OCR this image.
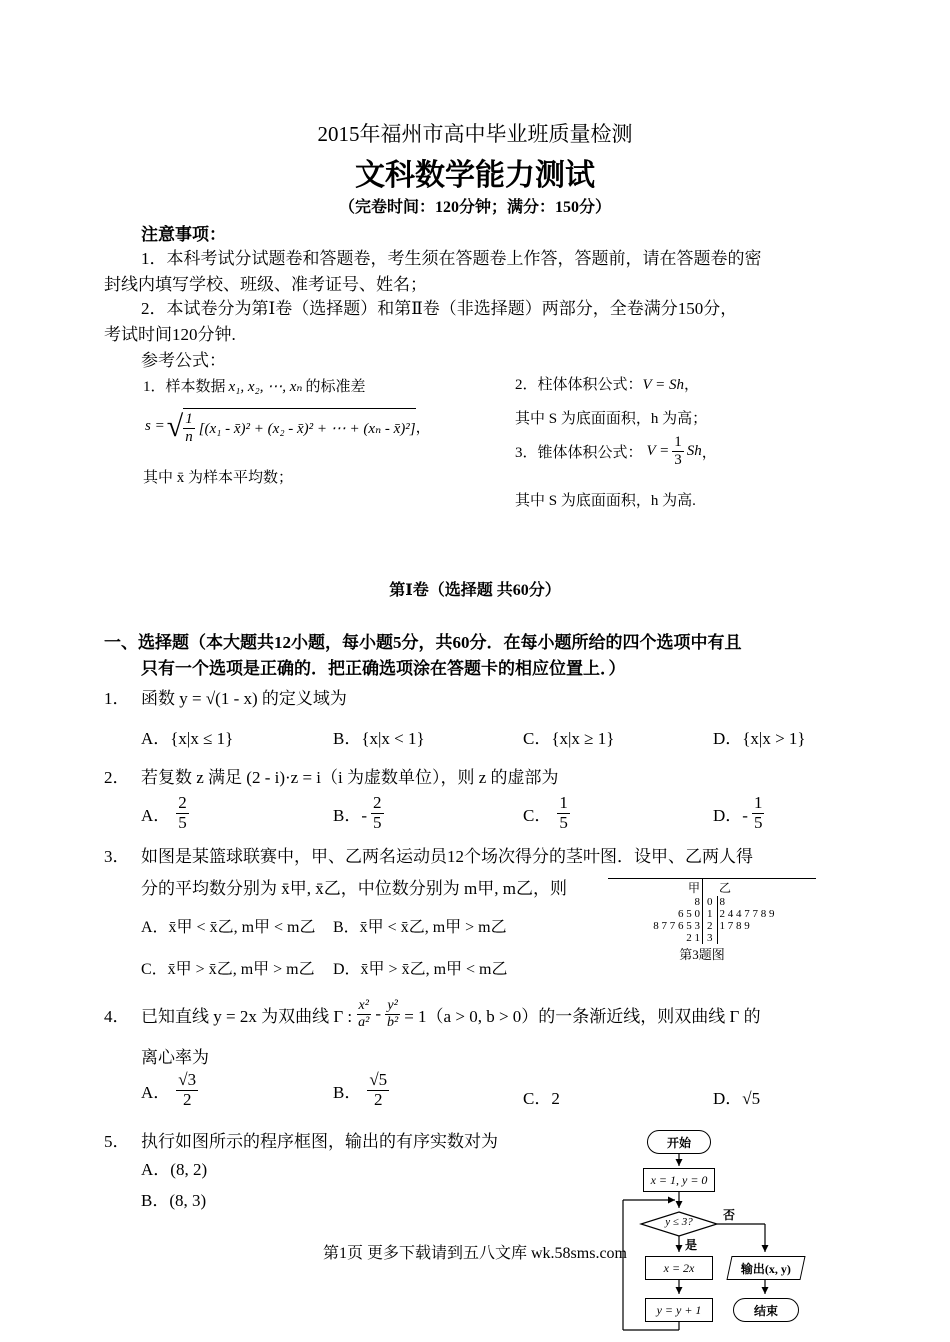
2015年福州市高中毕业班质量检测
文科数学能力测试
（完卷时间：120分钟；满分：150分）
注意事项：
1．本科考试分试题卷和答题卷，考生须在答题卷上作答，答题前，请在答题卷的密
封线内填写学校、班级、准考证号、姓名；
2．本试卷分为第Ⅰ卷（选择题）和第Ⅱ卷（非选择题）两部分，全卷满分150分，
考试时间120分钟.
参考公式：
1．样本数据 x₁, x₂, ⋯, xₙ 的标准差
s = √ $\frac{1}{n} [(x_1$ - x̄)² + (x₂ - x̄)² + ⋯ + (xₙ - x̄)²] ，
其中 x̄ 为样本平均数；
2．柱体体积公式：V = Sh，
其中 S 为底面面积，h 为高；
3．锥体体积公式： $V = \frac{1}{3}$ Sh ，
其中 S 为底面面积，h 为高.
第Ⅰ卷（选择题 共60分）
一、选择题（本大题共12小题，每小题5分，共60分．在每小题所给的四个选项中有且
只有一个选项是正确的．把正确选项涂在答题卡的相应位置上．）
1． 函数 y = √(1 - x) 的定义域为
A．{x|x ≤ 1}	B．{x|x < 1}	C．{x|x ≥ 1}	D．{x|x > 1}
2． 若复数 z 满足 (2 - i)·z = i（i 为虚数单位），则 z 的虚部为
A． $\frac{2}{5}$	B．- $\frac{2}{5}$	C． $\frac{1}{5}$	D．- $\frac{1}{5}$
3． 如图是某篮球联赛中，甲、乙两名运动员12个场次得分的茎叶图．设甲、乙两人得
分的平均数分别为 x̄甲, x̄乙，中位数分别为 m甲, m乙，则
A．x̄甲 < x̄乙, m甲 < m乙 B．x̄甲 < x̄乙, m甲 > m乙
C．x̄甲 > x̄乙, m甲 > m乙 D．x̄甲 > x̄乙, m甲 < m乙
甲		乙
8	0	8
6 5 0	1	2 4 4 7 7 8 9
8 7 7 6 5 3	2	1 7 8 9
2 1	3	
第3题图
4． 已知直线 y = 2x 为双曲线 Γ : $\frac{\text{x²}}{\text{a²}} - \frac{\text{y²}}{\text{b²}} = 1(a > 0$, b > 0）的一条渐近线，则双曲线 Γ 的
离心率为
A． $\frac{√3}{2}$	B． $\frac{√5}{2}$	C．2	D．√5
5． 执行如图所示的程序框图，输出的有序实数对为
A．(8, 2)
B．(8, 3)
开始
x = 1, y = 0
y ≤ 3?	否
是
x = 2x	输出(x, y)
y = y + 1	结束
第1页 更多下载请到五八文库 wk.58sms.com
